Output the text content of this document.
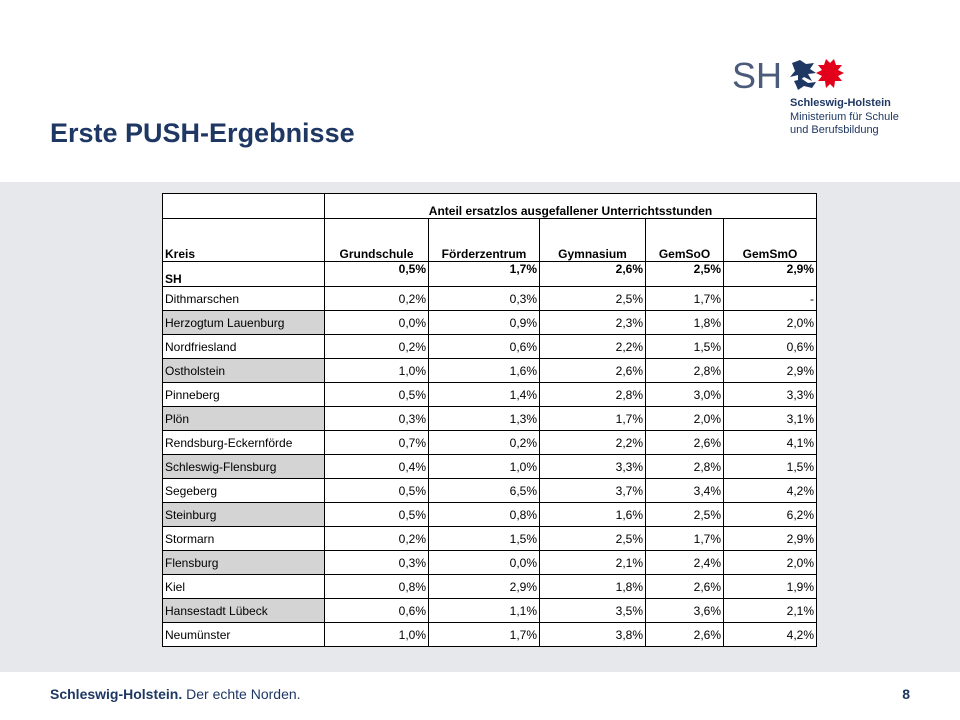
Erste PUSH-Ergebnisse
SH
Schleswig-Holstein
Ministerium für Schule
und Berufsbildung
	Anteil ersatzlos ausgefallener Unterrichtsstunden				
Kreis	Grundschule	Förderzentrum	Gymnasium	GemSoO	GemSmO
SH	0,5%	1,7%	2,6%	2,5%	2,9%
Dithmarschen	0,2%	0,3%	2,5%	1,7%	-
Herzogtum Lauenburg	0,0%	0,9%	2,3%	1,8%	2,0%
Nordfriesland	0,2%	0,6%	2,2%	1,5%	0,6%
Ostholstein	1,0%	1,6%	2,6%	2,8%	2,9%
Pinneberg	0,5%	1,4%	2,8%	3,0%	3,3%
Plön	0,3%	1,3%	1,7%	2,0%	3,1%
Rendsburg-Eckernförde	0,7%	0,2%	2,2%	2,6%	4,1%
Schleswig-Flensburg	0,4%	1,0%	3,3%	2,8%	1,5%
Segeberg	0,5%	6,5%	3,7%	3,4%	4,2%
Steinburg	0,5%	0,8%	1,6%	2,5%	6,2%
Stormarn	0,2%	1,5%	2,5%	1,7%	2,9%
Flensburg	0,3%	0,0%	2,1%	2,4%	2,0%
Kiel	0,8%	2,9%	1,8%	2,6%	1,9%
Hansestadt Lübeck	0,6%	1,1%	3,5%	3,6%	2,1%
Neumünster	1,0%	1,7%	3,8%	2,6%	4,2%
Schleswig-Holstein. Der echte Norden.	8
